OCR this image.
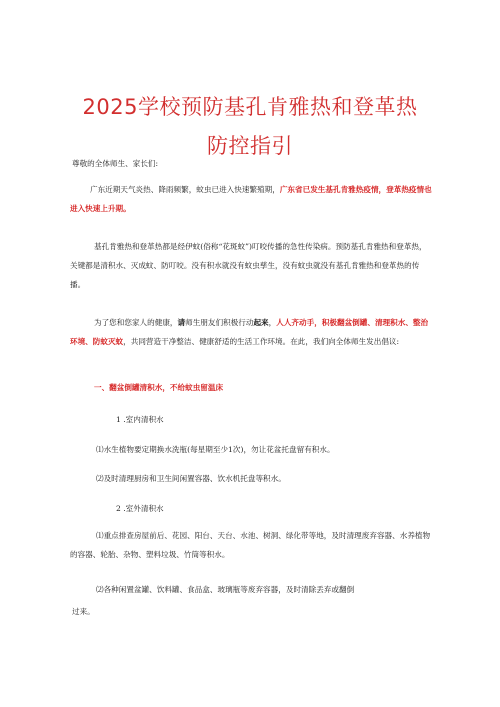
2025学校预防基孔肯雅热和登革热
防控指引

尊敬的全体师生、家长们:

广东近期天气炎热、降雨频繁，蚊虫已进入快速繁殖期，广东省已发生基孔肯雅热疫情，登革热疫情也进入快速上升期。

基孔肯雅热和登革热都是经伊蚊(俗称“花斑蚊”)叮咬传播的急性传染病。预防基孔肯雅热和登革热，关键都是清积水、灭成蚊、防叮咬。没有积水就没有蚊虫孳生，没有蚊虫就没有基孔肯雅热和登革热的传播。

为了您和您家人的健康，请师生朋友们积极行动起来，人人齐动手，积极翻盆倒罐、清理积水、整治环境、防蚊灭蚊，共同营造干净整洁、健康舒适的生活工作环境。在此，我们向全体师生发出倡议:

一、翻盆倒罐清积水，不给蚊虫留温床

1 .室内清积水

⑴水生植物要定期换水洗瓶(每星期至少1次)，勿让花盆托盘留有积水。

⑵及时清理厨房和卫生间闲置容器、饮水机托盘等积水。

2 .室外清积水

⑴重点排查房屋前后、花园、阳台、天台、水池、树洞、绿化带等地，及时清理废弃容器、水养植物的容器、轮胎、杂物、塑料垃圾、竹筒等积水。

⑵各种闲置盆罐、饮料罐、食品盒、玻璃瓶等废弃容器，及时清除丢弃或翻倒

过来。
